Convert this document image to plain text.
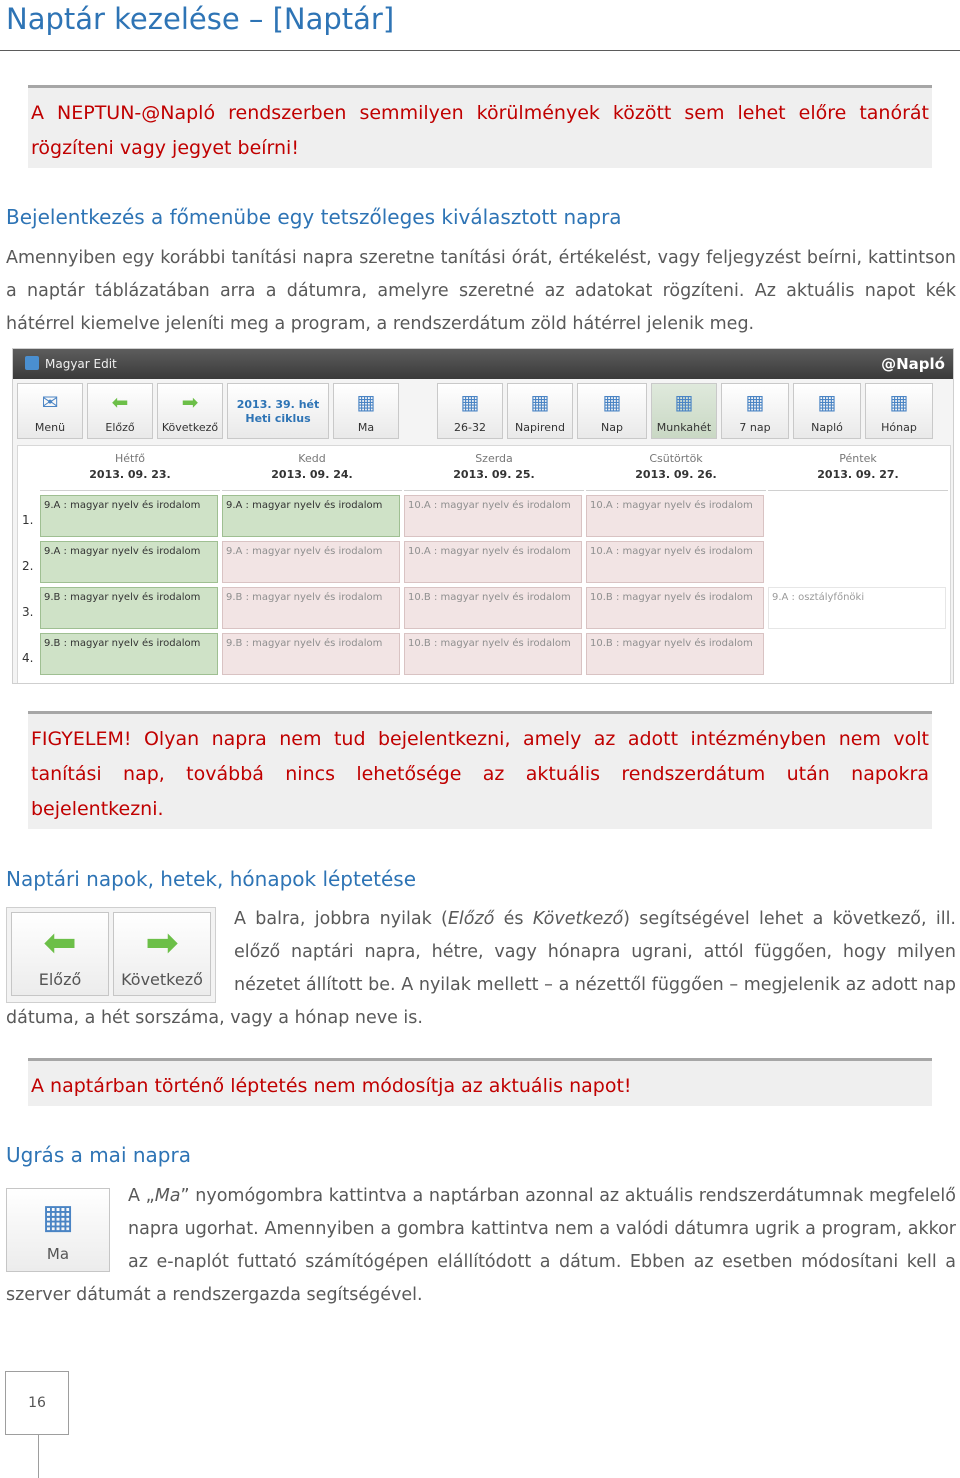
Naptár kezelése – [Naptár]
A NEPTUN-@Napló rendszerben semmilyen körülmények között sem lehet előre tanórát rögzíteni vagy jegyet beírni!
Bejelentkezés a főmenübe egy tetszőleges kiválasztott napra
Amennyiben egy korábbi tanítási napra szeretne tanítási órát, értékelést, vagy feljegyzést beírni, kattintson a naptár táblázatában arra a dátumra, amelyre szeretné az adatokat rögzíteni. Az aktuális napot kék hátérrel kiemelve jeleníti meg a program, a rendszerdátum zöld hátérrel jelenik meg.
Magyar Edit	@Napló
✉
Menü
⬅
Előző
➡
Következő
2013. 39. hét
Heti ciklus
▦
Ma
▦
26-32
▦
Napirend
▦
Nap
▦
Munkahét
▦
7 nap
▦
Napló
▦
Hónap
Hétfő
2013. 09. 23.
Kedd
2013. 09. 24.
Szerda
2013. 09. 25.
Csütörtök
2013. 09. 26.
Péntek
2013. 09. 27.
1.
9.A : magyar nyelv és irodalom	9.A : magyar nyelv és irodalom	10.A : magyar nyelv és irodalom	10.A : magyar nyelv és irodalom
2.
9.A : magyar nyelv és irodalom	9.A : magyar nyelv és irodalom	10.A : magyar nyelv és irodalom	10.A : magyar nyelv és irodalom
3.
9.B : magyar nyelv és irodalom	9.B : magyar nyelv és irodalom	10.B : magyar nyelv és irodalom	10.B : magyar nyelv és irodalom	9.A : osztályfőnöki
4.
9.B : magyar nyelv és irodalom	9.B : magyar nyelv és irodalom	10.B : magyar nyelv és irodalom	10.B : magyar nyelv és irodalom
FIGYELEM! Olyan napra nem tud bejelentkezni, amely az adott intézményben nem volt tanítási nap, továbbá nincs lehetősége az aktuális rendszerdátum után napokra bejelentkezni.
Naptári napok, hetek, hónapok léptetése
⬅
Előző
➡
Következő
A balra, jobbra nyilak (Előző és Következő) segítségével lehet a következő, ill. előző naptári napra, hétre, vagy hónapra ugrani, attól függően, hogy milyen nézetet állított be. A nyilak mellett – a nézettől függően – megjelenik az adott nap dátuma, a hét sorszáma, vagy a hónap neve is.
A naptárban történő léptetés nem módosítja az aktuális napot!
Ugrás a mai napra
▦
Ma
A „Ma” nyomógombra kattintva a naptárban azonnal az aktuális rendszerdátumnak megfelelő napra ugorhat. Amennyiben a gombra kattintva nem a valódi dátumra ugrik a program, akkor az e-naplót futtató számítógépen elállítódott a dátum. Ebben az esetben módosítani kell a szerver dátumát a rendszergazda segítségével.
16
